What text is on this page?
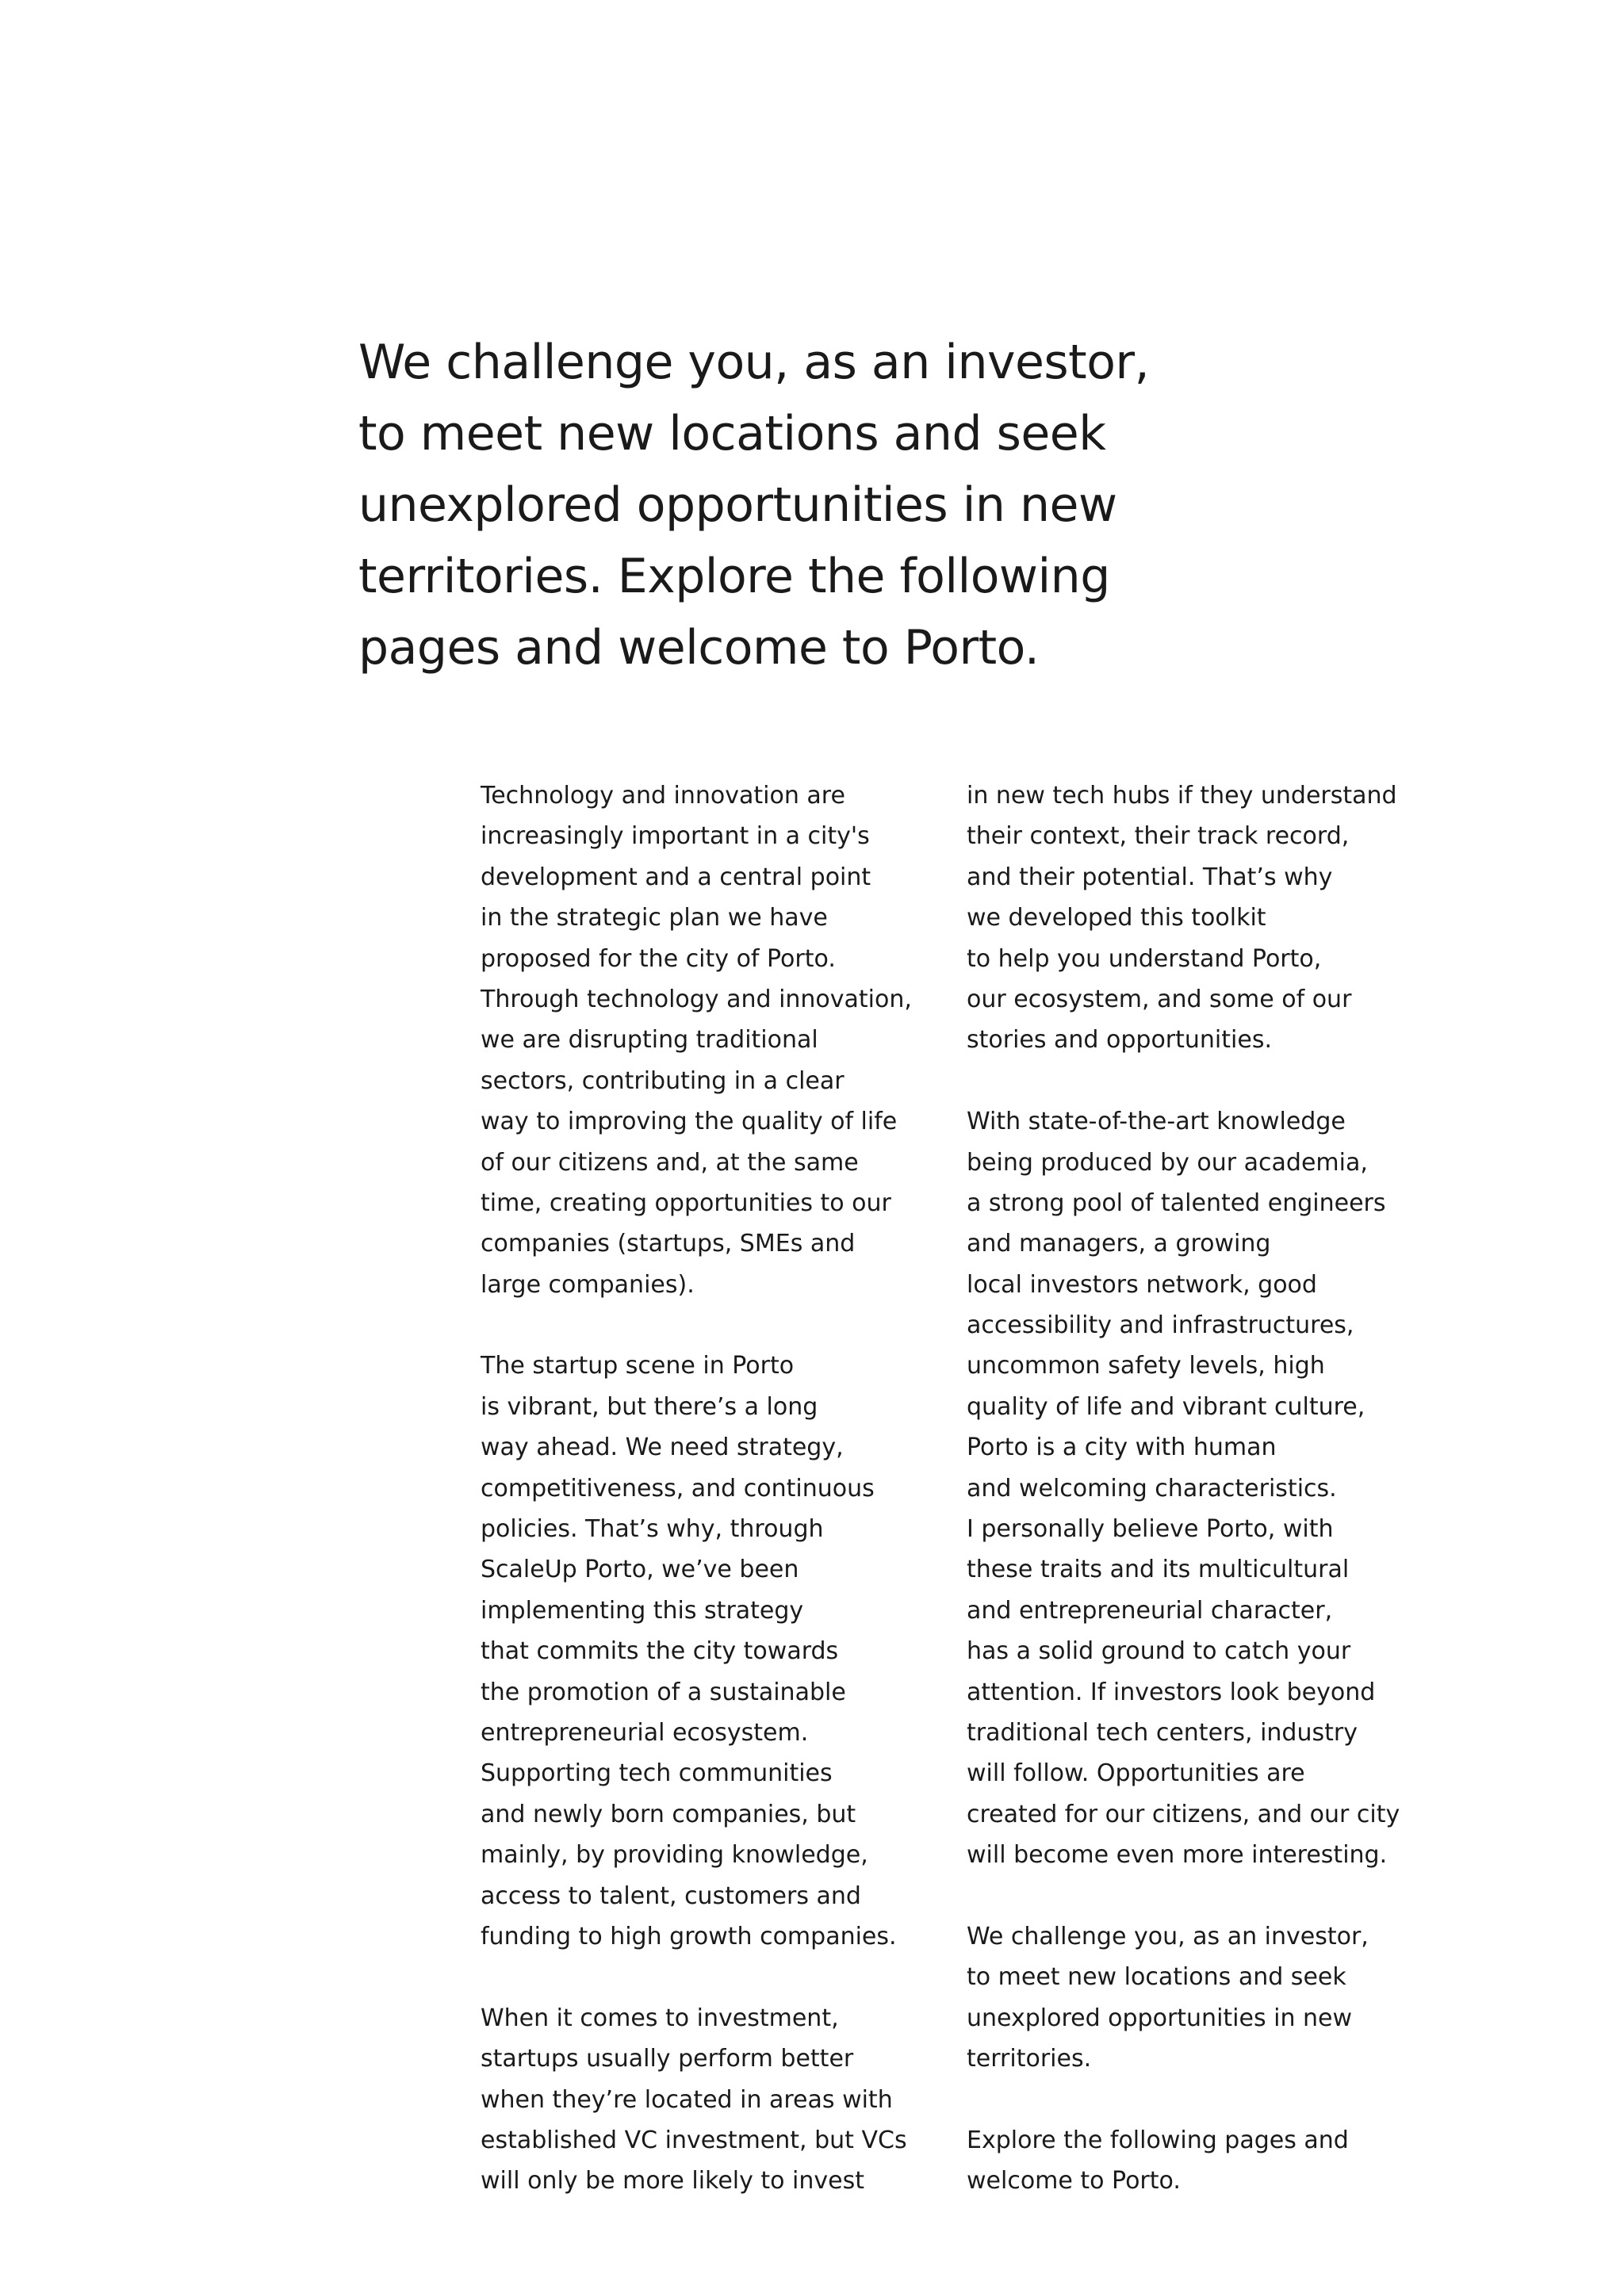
We challenge you, as an investor,
to meet new locations and seek
unexplored opportunities in new
territories. Explore the following
pages and welcome to Porto.
Technology and innovation are
increasingly important in a city's
development and a central point
in the strategic plan we have
proposed for the city of Porto.
Through technology and innovation,
we are disrupting traditional
sectors, contributing in a clear
way to improving the quality of life
of our citizens and, at the same
time, creating opportunities to our
companies (startups, SMEs and
large companies).
The startup scene in Porto
is vibrant, but there’s a long
way ahead. We need strategy,
competitiveness, and continuous
policies. That’s why, through
ScaleUp Porto, we’ve been
implementing this strategy
that commits the city towards
the promotion of a sustainable
entrepreneurial ecosystem.
Supporting tech communities
and newly born companies, but
mainly, by providing knowledge,
access to talent, customers and
funding to high growth companies.
When it comes to investment,
startups usually perform better
when they’re located in areas with
established VC investment, but VCs
will only be more likely to invest
in new tech hubs if they understand
their context, their track record,
and their potential. That’s why
we developed this toolkit
to help you understand Porto,
our ecosystem, and some of our
stories and opportunities.
With state-of-the-art knowledge
being produced by our academia,
a strong pool of talented engineers
and managers, a growing
local investors network, good
accessibility and infrastructures,
uncommon safety levels, high
quality of life and vibrant culture,
Porto is a city with human
and welcoming characteristics.
I personally believe Porto, with
these traits and its multicultural
and entrepreneurial character,
has a solid ground to catch your
attention. If investors look beyond
traditional tech centers, industry
will follow. Opportunities are
created for our citizens, and our city
will become even more interesting.
We challenge you, as an investor,
to meet new locations and seek
unexplored opportunities in new
territories.
Explore the following pages and
welcome to Porto.
